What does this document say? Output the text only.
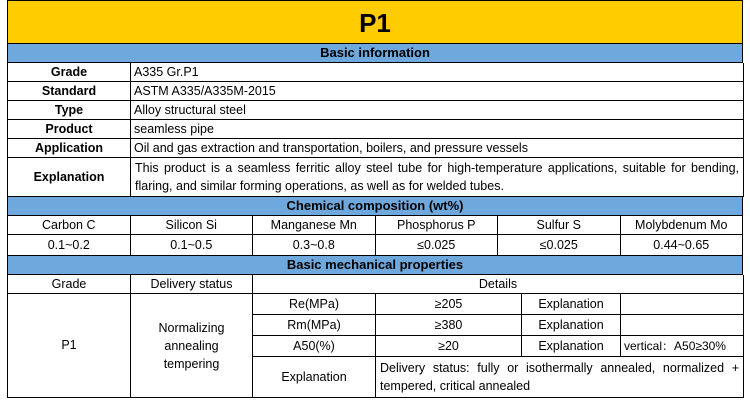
P1
Basic information
Grade	A335 Gr.P1
Standard	ASTM A335/A335M-2015
Type	Alloy structural steel
Product	seamless pipe
Application	Oil and gas extraction and transportation, boilers, and pressure vessels
Explanation	This product is a seamless ferritic alloy steel tube for high-temperature applications, suitable for bending, flaring, and similar forming operations, as well as for welded tubes.
Chemical composition (wt%)
Carbon C	Silicon Si	Manganese Mn	Phosphorus P	Sulfur S	Molybdenum Mo
0.1~0.2	0.1~0.5	0.3~0.8	≤0.025	≤0.025	0.44~0.65
Basic mechanical properties
Grade	Delivery status	Details			
P1	Normalizing annealing tempering	Re(MPa)	≥205	Explanation	
		Rm(MPa)	≥380	Explanation	
		A50(%)	≥20	Explanation	vertical：A50≥30%
		Explanation	Delivery status: fully or isothermally annealed, normalized + tempered, critical annealed		
